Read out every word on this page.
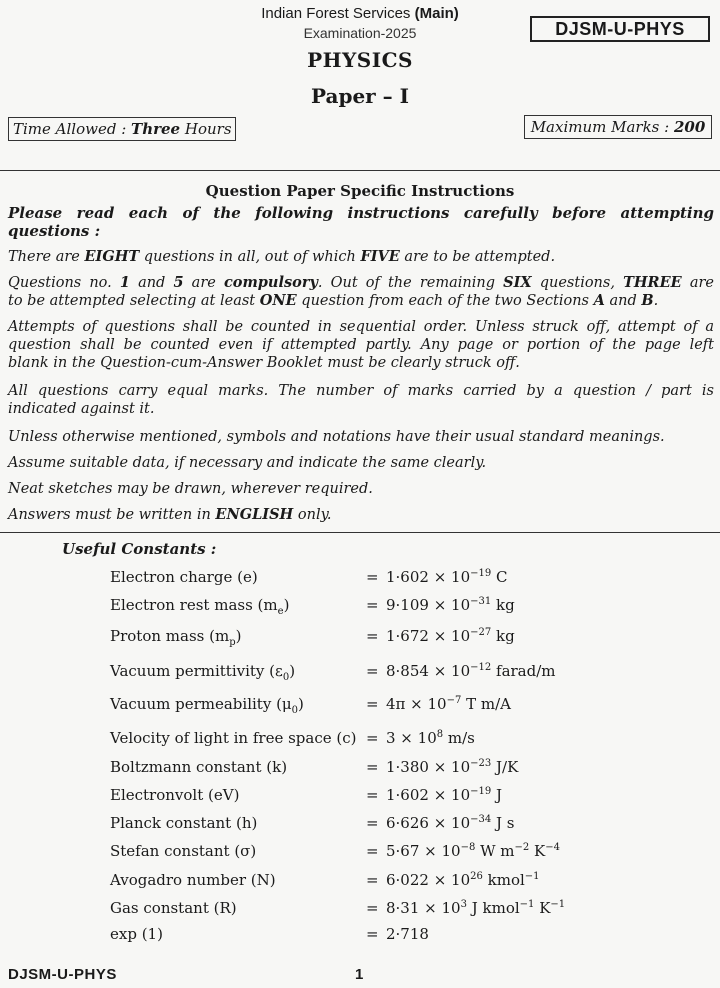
Indian Forest Services (Main)
Examination-2025	DJSM-U-PHYS
PHYSICS
Paper – I
Time Allowed : Three Hours	Maximum Marks : 200
Question Paper Specific Instructions
Please read each of the following instructions carefully before attempting
questions :
There are EIGHT questions in all, out of which FIVE are to be attempted.
Questions no. 1 and 5 are compulsory. Out of the remaining SIX questions, THREE are
to be attempted selecting at least ONE question from each of the two Sections A and B.
Attempts of questions shall be counted in sequential order. Unless struck off, attempt of a
question shall be counted even if attempted partly. Any page or portion of the page left
blank in the Question-cum-Answer Booklet must be clearly struck off.
All questions carry equal marks. The number of marks carried by a question / part is
indicated against it.
Unless otherwise mentioned, symbols and notations have their usual standard meanings.
Assume suitable data, if necessary and indicate the same clearly.
Neat sketches may be drawn, wherever required.
Answers must be written in ENGLISH only.
Useful Constants :
Electron charge (e)	= $1\cdot 602 \times 10^{-19}$ C
Electron rest mass $(m_e)$	= $9\cdot 109 \times 10^{-31}$ kg
Proton mass $(m_p)$	= $1\cdot 672 \times 10^{-27}$ kg
Vacuum permittivity $(\varepsilon_0)$	= $8\cdot 854 \times 10^{-12}$ farad/m
Vacuum permeability $(\mu_0)$	= $4\pi \times 10^{-7}$ T m/A
Velocity of light in free space $(c) = 3 \times 10^8$ m/s
Boltzmann constant (k)	= $1\cdot 380 \times 10^{-23}$ J/K
Electronvolt (eV)	= $1\cdot 602 \times 10^{-19}$ J
Planck constant (h)	= $6\cdot 626 \times 10^{-34}$ J s
Stefan constant (σ)	= $5\cdot 67 \times 10^{-8}$ W $m^{-2}$ $K^{-4}$
Avogadro number (N)	= $6\cdot 022 \times 10^{26}$ kmol$^{-1}$
Gas constant (R)	= $8\cdot 31 \times 10^3$ J kmol$^{-1}$ $K^{-1}$
exp (1)	= 2·718
DJSM-U-PHYS	1
